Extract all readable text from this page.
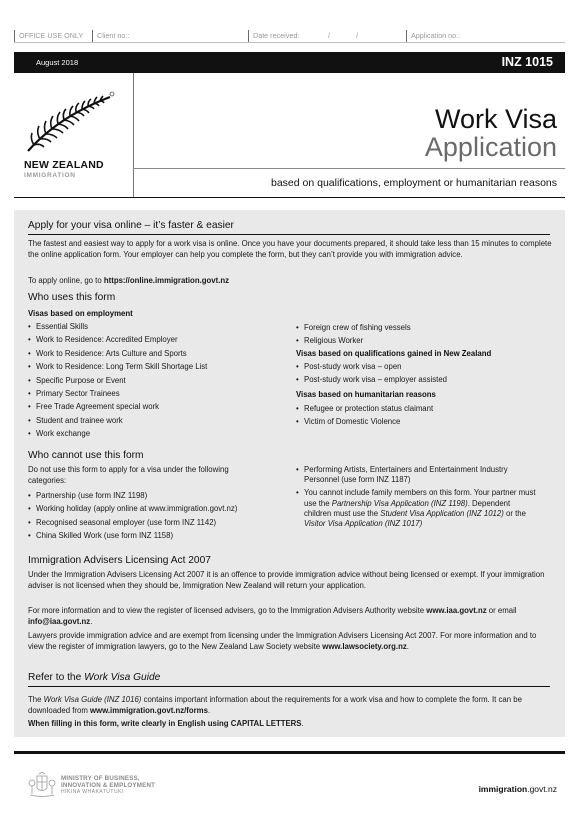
OFFICE USE ONLY	Client no.:	Date received:	/	/	Application no.:
August 2018	INZ 1015
NEW ZEALAND
IMMIGRATION
Work Visa
Application
based on qualifications, employment or humanitarian reasons
Apply for your visa online – it’s faster & easier
The fastest and easiest way to apply for a work visa is online. Once you have your documents prepared, it should take less than 15 minutes to complete the online application form. Your employer can help you complete the form, but they can’t provide you with immigration advice.
To apply online, go to https://online.immigration.govt.nz
Who uses this form
Visas based on employment
• Essential Skills
• Work to Residence: Accredited Employer
• Work to Residence: Arts Culture and Sports
• Work to Residence: Long Term Skill Shortage List
• Specific Purpose or Event
• Primary Sector Trainees
• Free Trade Agreement special work
• Student and trainee work
• Work exchange
• Foreign crew of fishing vessels
• Religious Worker
Visas based on qualifications gained in New Zealand
• Post-study work visa – open
• Post-study work visa – employer assisted
Visas based on humanitarian reasons
• Refugee or protection status claimant
• Victim of Domestic Violence
Who cannot use this form
Do not use this form to apply for a visa under the following categories:
• Partnership (use form INZ 1198)
• Working holiday (apply online at www.immigration.govt.nz)
• Recognised seasonal employer (use form INZ 1142)
• China Skilled Work (use form INZ 1158)
• Performing Artists, Entertainers and Entertainment Industry Personnel (use form INZ 1187)
• You cannot include family members on this form. Your partner must use the Partnership Visa Application (INZ 1198). Dependent children must use the Student Visa Application (INZ 1012) or the Visitor Visa Application (INZ 1017)
Immigration Advisers Licensing Act 2007
Under the Immigration Advisers Licensing Act 2007 it is an offence to provide immigration advice without being licensed or exempt. If your immigration adviser is not licensed when they should be, Immigration New Zealand will return your application.
For more information and to view the register of licensed advisers, go to the Immigration Advisers Authority website www.iaa.govt.nz or email info@iaa.govt.nz.
Lawyers provide immigration advice and are exempt from licensing under the Immigration Advisers Licensing Act 2007. For more information and to view the register of immigration lawyers, go to the New Zealand Law Society website www.lawsociety.org.nz.
Refer to the Work Visa Guide
The Work Visa Guide (INZ 1016) contains important information about the requirements for a work visa and how to complete the form. It can be downloaded from www.immigration.govt.nz/forms.
When filling in this form, write clearly in English using CAPITAL LETTERS.
MINISTRY OF BUSINESS,
INNOVATION & EMPLOYMENT
HĪKINA WHAKATUTUKI	immigration.govt.nz
